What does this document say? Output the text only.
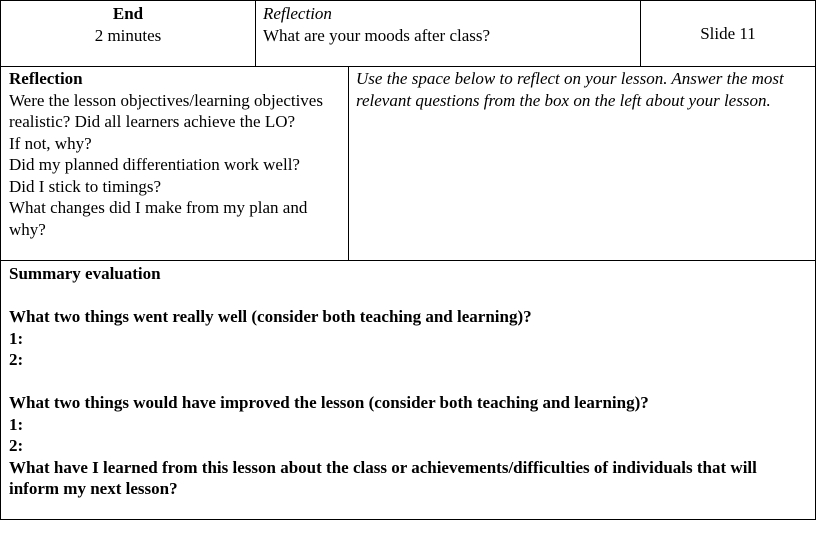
End

2 minutes

Reflection

What are your moods after class?	Slide 11

Reflection

Were the lesson objectives/learning objectives realistic? Did all learners achieve the LO?

If not, why?

Did my planned differentiation work well?

Did I stick to timings?

What changes did I make from my plan and why?

Use the space below to reflect on your lesson. Answer the most relevant questions from the box on the left about your lesson.

Summary evaluation

What two things went really well (consider both teaching and learning)?

1:

2:

What two things would have improved the lesson (consider both teaching and learning)?

1:

2:

What have I learned from this lesson about the class or achievements/difficulties of individuals that will inform my next lesson?
